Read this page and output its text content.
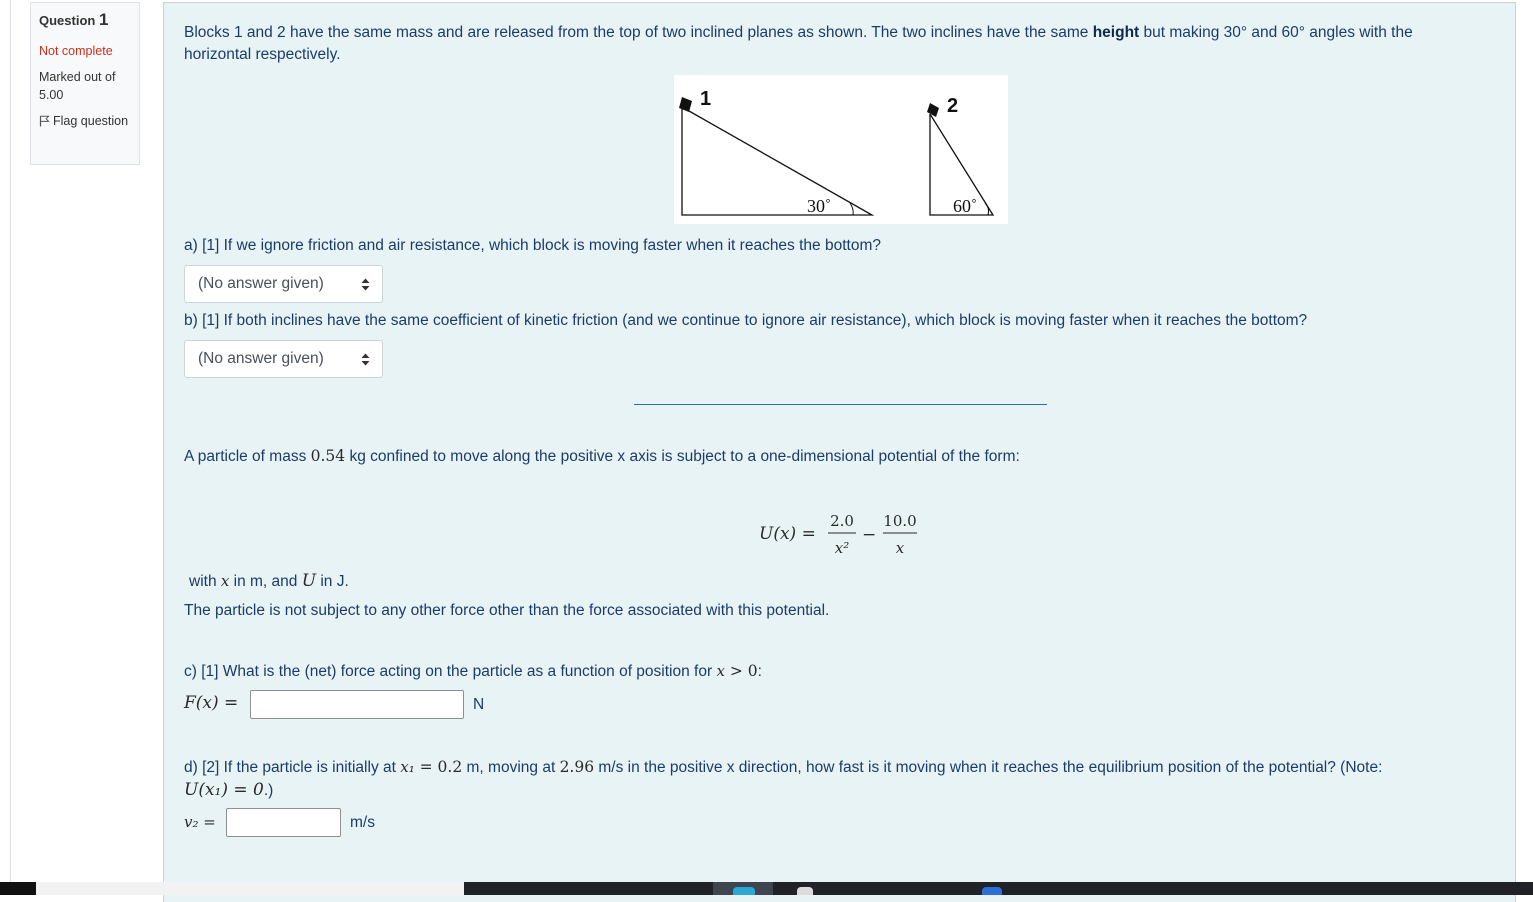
Question 1
Not complete
Marked out of 5.00
Flag question
Blocks 1 and 2 have the same mass and are released from the top of two inclined planes as shown. The two inclines have the same height but making 30° and 60° angles with the horizontal respectively.
1
30˚
2
60˚
a) [1] If we ignore friction and air resistance, which block is moving faster when it reaches the bottom?
(No answer given)
b) [1] If both inclines have the same coefficient of kinetic friction (and we continue to ignore air resistance), which block is moving faster when it reaches the bottom?
(No answer given)
A particle of mass 0.54 kg confined to move along the positive x axis is subject to a one-dimensional potential of the form:
U(x) =
2.0
x²
−
10.0
x
with x in m, and U in J.
The particle is not subject to any other force other than the force associated with this potential.
c) [1] What is the (net) force acting on the particle as a function of position for x > 0:
F(x) =	N
d) [2] If the particle is initially at x₁ = 0.2 m, moving at 2.96 m/s in the positive x direction, how fast is it moving when it reaches the equilibrium position of the potential? (Note:
U(x₁) = 0.)
v₂ =	m/s
